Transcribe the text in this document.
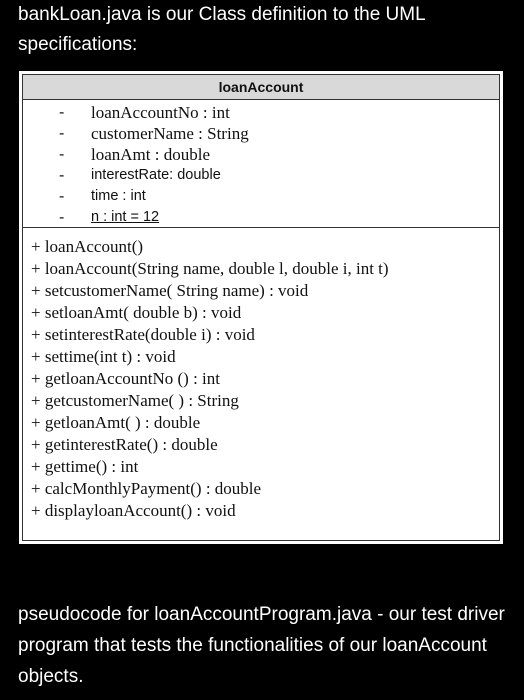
bankLoan.java is our Class definition to the UML specifications:
loanAccount
- loanAccountNo : int
- customerName : String
- loanAmt : double
- interestRate: double
- time : int
- n : int = 12
+ loanAccount()
+ loanAccount(String name, double l, double i, int t)
+ setcustomerName( String name) : void
+ setloanAmt( double b) : void
+ setinterestRate(double i) : void
+ settime(int t) : void
+ getloanAccountNo () : int
+ getcustomerName( ) : String
+ getloanAmt( ) : double
+ getinterestRate() : double
+ gettime() : int
+ calcMonthlyPayment() : double
+ displayloanAccount() : void
pseudocode for loanAccountProgram.java - our test driver program that tests the functionalities of our loanAccount objects.
